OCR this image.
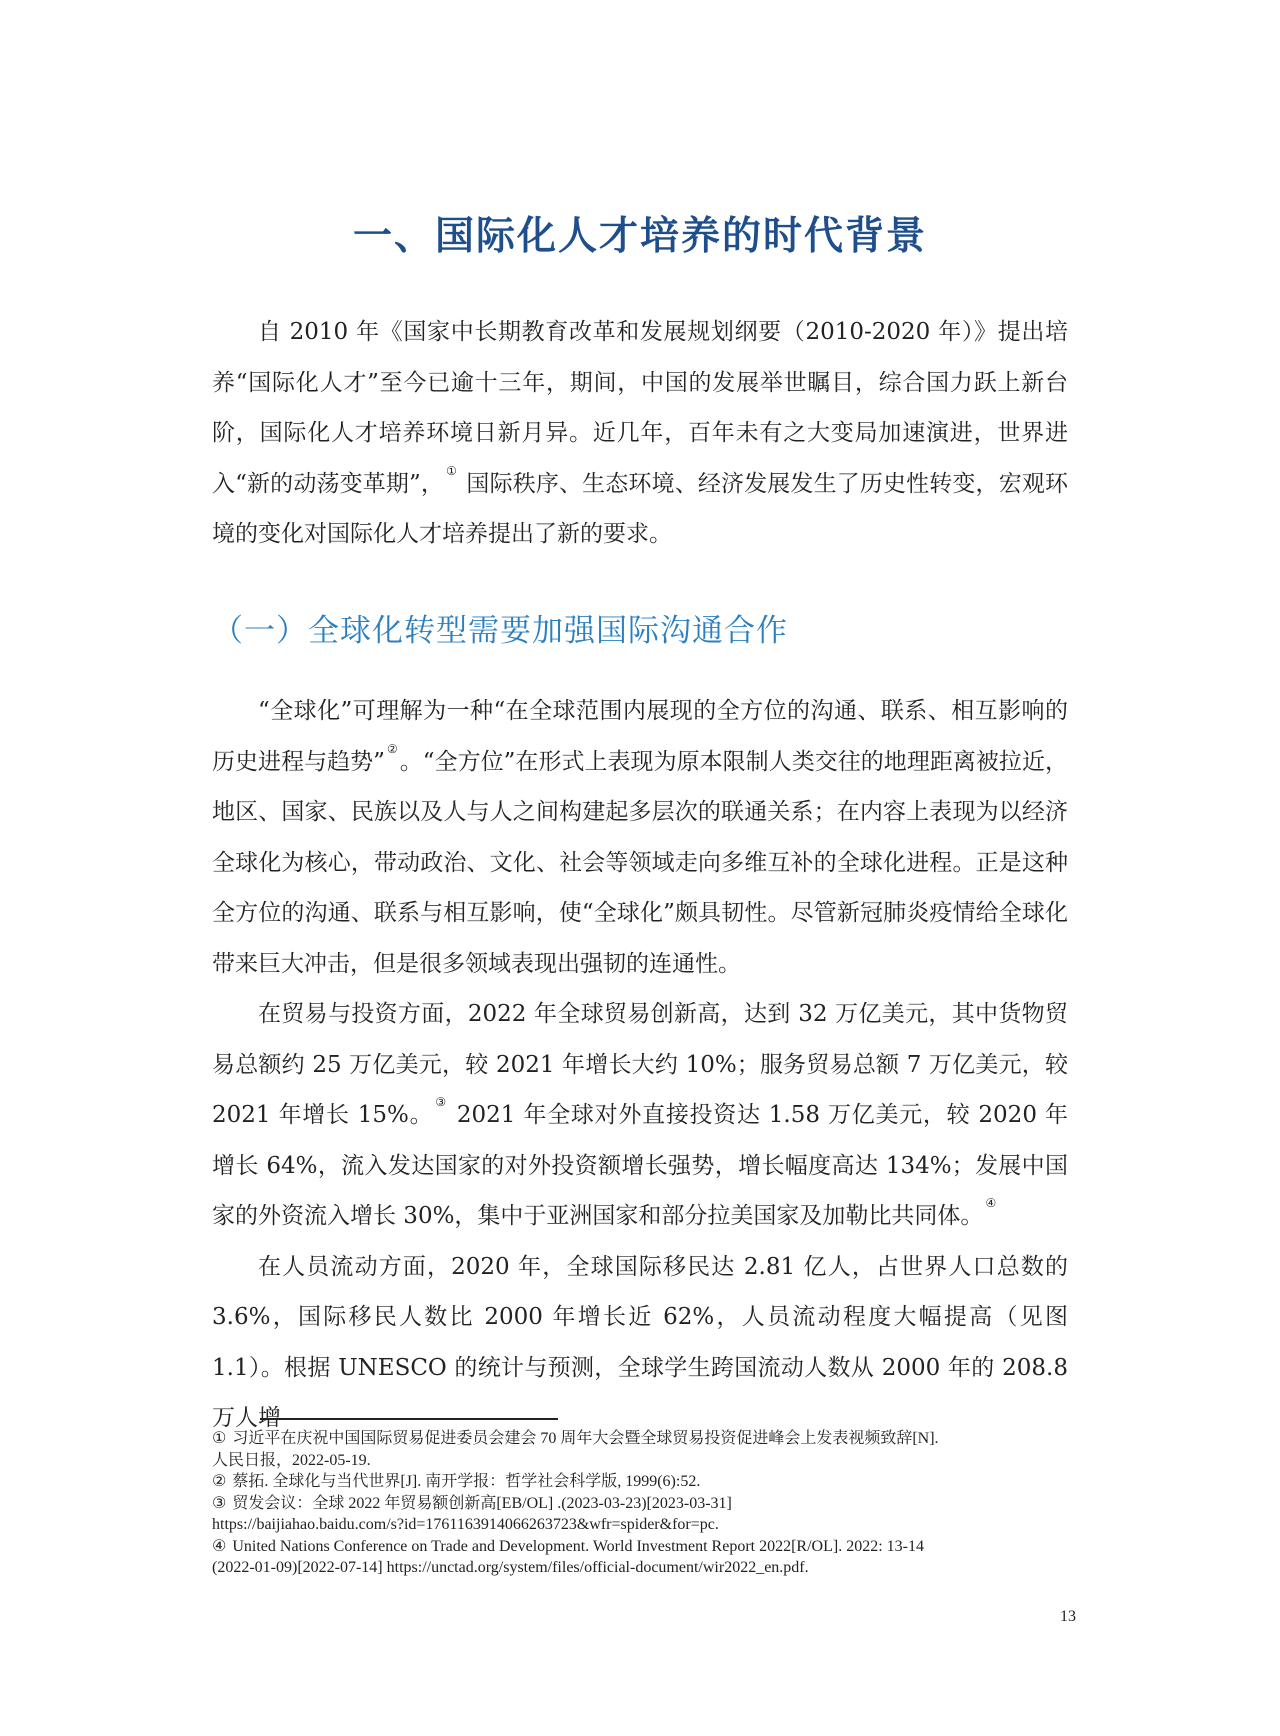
一、国际化人才培养的时代背景

自 2010 年《国家中长期教育改革和发展规划纲要（2010-2020 年）》提出培养“国际化人才”至今已逾十三年，期间，中国的发展举世瞩目，综合国力跃上新台阶，国际化人才培养环境日新月异。近几年，百年未有之大变局加速演进，世界进入“新的动荡变革期”， ① 国际秩序、生态环境、经济发展发生了历史性转变，宏观环境的变化对国际化人才培养提出了新的要求。

（一）全球化转型需要加强国际沟通合作

“全球化”可理解为一种“在全球范围内展现的全方位的沟通、联系、相互影响的历史进程与趋势” ②。“全方位”在形式上表现为原本限制人类交往的地理距离被拉近，地区、国家、民族以及人与人之间构建起多层次的联通关系；在内容上表现为以经济全球化为核心，带动政治、文化、社会等领域走向多维互补的全球化进程。正是这种全方位的沟通、联系与相互影响，使“全球化”颇具韧性。尽管新冠肺炎疫情给全球化带来巨大冲击，但是很多领域表现出强韧的连通性。

在贸易与投资方面，2022 年全球贸易创新高，达到 32 万亿美元，其中货物贸易总额约 25 万亿美元，较 2021 年增长大约 10%；服务贸易总额 7 万亿美元，较 2021 年增长 15%。 ③ 2021 年全球对外直接投资达 1.58 万亿美元，较 2020 年增长 64%，流入发达国家的对外投资额增长强势，增长幅度高达 134%；发展中国家的外资流入增长 30%，集中于亚洲国家和部分拉美国家及加勒比共同体。 ④

在人员流动方面，2020 年，全球国际移民达 2.81 亿人，占世界人口总数的 3.6%，国际移民人数比 2000 年增长近 62%，人员流动程度大幅提高（见图 1.1）。根据 UNESCO 的统计与预测，全球学生跨国流动人数从 2000 年的 208.8 万人增

① 习近平在庆祝中国国际贸易促进委员会建会 70 周年大会暨全球贸易投资促进峰会上发表视频致辞[N].
人民日报，2022-05-19.

② 蔡拓. 全球化与当代世界[J]. 南开学报：哲学社会科学版, 1999(6):52.

③ 贸发会议：全球 2022 年贸易额创新高[EB/OL] .(2023-03-23)[2023-03-31]
https://baijiahao.baidu.com/s?id=1761163914066263723&wfr=spider&for=pc.

④ United Nations Conference on Trade and Development. World Investment Report 2022[R/OL]. 2022: 13-14
(2022-01-09)[2022-07-14] https://unctad.org/system/files/official-document/wir2022_en.pdf.

13
